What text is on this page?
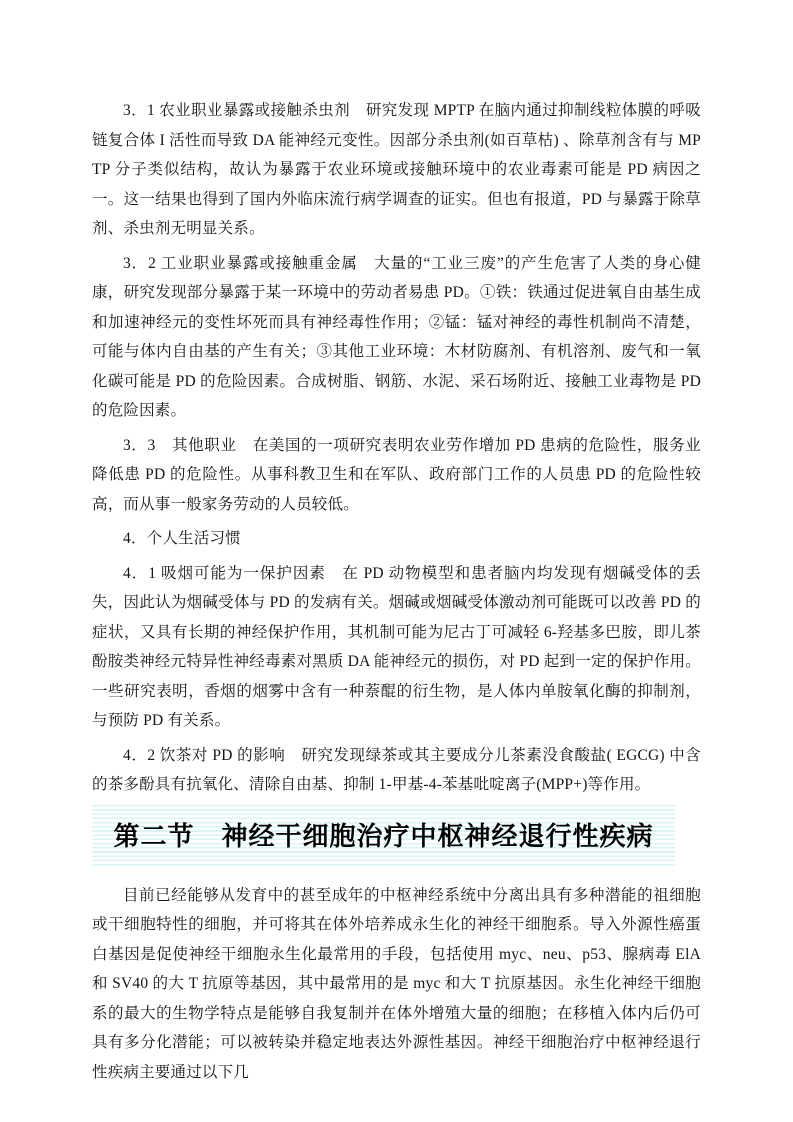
3．1 农业职业暴露或接触杀虫剂　研究发现 MPTP 在脑内通过抑制线粒体膜的呼吸链复合体 I 活性而导致 DA 能神经元变性。因部分杀虫剂(如百草枯) 、除草剂含有与 MPTP 分子类似结构，故认为暴露于农业环境或接触环境中的农业毒素可能是 PD 病因之一。这一结果也得到了国内外临床流行病学调查的证实。但也有报道，PD 与暴露于除草剂、杀虫剂无明显关系。

3．2 工业职业暴露或接触重金属　大量的“工业三废”的产生危害了人类的身心健康，研究发现部分暴露于某一环境中的劳动者易患 PD。①铁：铁通过促进氧自由基生成和加速神经元的变性坏死而具有神经毒性作用；②锰：锰对神经的毒性机制尚不清楚，可能与体内自由基的产生有关；③其他工业环境：木材防腐剂、有机溶剂、废气和一氧化碳可能是 PD 的危险因素。合成树脂、钢筋、水泥、采石场附近、接触工业毒物是 PD 的危险因素。

3．3　其他职业　在美国的一项研究表明农业劳作增加 PD 患病的危险性，服务业降低患 PD 的危险性。从事科教卫生和在军队、政府部门工作的人员患 PD 的危险性较高，而从事一般家务劳动的人员较低。

4．个人生活习惯

4．1 吸烟可能为一保护因素　在 PD 动物模型和患者脑内均发现有烟碱受体的丢失，因此认为烟碱受体与 PD 的发病有关。烟碱或烟碱受体激动剂可能既可以改善 PD 的症状，又具有长期的神经保护作用，其机制可能为尼古丁可减轻 6-羟基多巴胺，即儿茶酚胺类神经元特异性神经毒素对黑质 DA 能神经元的损伤，对 PD 起到一定的保护作用。一些研究表明，香烟的烟雾中含有一种萘醌的衍生物，是人体内单胺氧化酶的抑制剂，与预防 PD 有关系。

4．2 饮茶对 PD 的影响　研究发现绿茶或其主要成分儿茶素没食酸盐( EGCG) 中含的茶多酚具有抗氧化、清除自由基、抑制 1-甲基-4-苯基吡啶离子(MPP+)等作用。

第二节　神经干细胞治疗中枢神经退行性疾病

目前已经能够从发育中的甚至成年的中枢神经系统中分离出具有多种潜能的祖细胞或干细胞特性的细胞，并可将其在体外培养成永生化的神经干细胞系。导入外源性癌蛋白基因是促使神经干细胞永生化最常用的手段，包括使用 myc、neu、p53、腺病毒 ElA 和 SV40 的大 T 抗原等基因，其中最常用的是 myc 和大 T 抗原基因。永生化神经干细胞系的最大的生物学特点是能够自我复制并在体外增殖大量的细胞；在移植入体内后仍可具有多分化潜能；可以被转染并稳定地表达外源性基因。神经干细胞治疗中枢神经退行性疾病主要通过以下几
